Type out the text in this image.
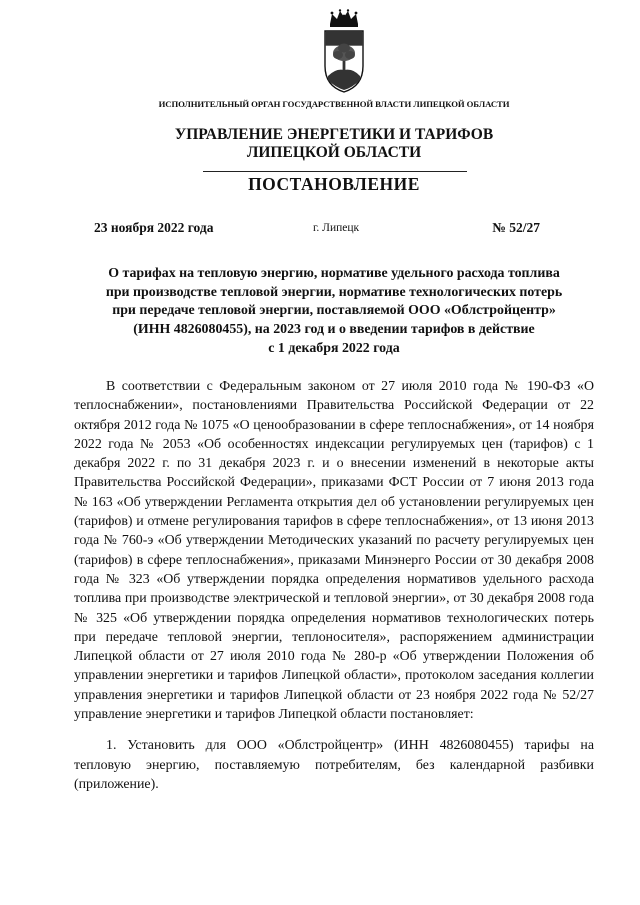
ИСПОЛНИТЕЛЬНЫЙ ОРГАН ГОСУДАРСТВЕННОЙ ВЛАСТИ ЛИПЕЦКОЙ ОБЛАСТИ
УПРАВЛЕНИЕ ЭНЕРГЕТИКИ И ТАРИФОВ
ЛИПЕЦКОЙ ОБЛАСТИ
ПОСТАНОВЛЕНИЕ
23 ноября 2022 года	г. Липецк	№ 52/27
О тарифах на тепловую энергию, нормативе удельного расхода топлива
при производстве тепловой энергии, нормативе технологических потерь
при передаче тепловой энергии, поставляемой ООО «Облстройцентр»
(ИНН 4826080455), на 2023 год и о введении тарифов в действие
с 1 декабря 2022 года

В соответствии с Федеральным законом от 27 июля 2010 года № 190-ФЗ «О теплоснабжении», постановлениями Правительства Российской Федерации от 22 октября 2012 года № 1075 «О ценообразовании в сфере теплоснабжения», от 14 ноября 2022 года № 2053 «Об особенностях индексации регулируемых цен (тарифов) с 1 декабря 2022 г. по 31 декабря 2023 г. и о внесении изменений в некоторые акты Правительства Российской Федерации», приказами ФСТ России от 7 июня 2013 года № 163 «Об утверждении Регламента открытия дел об установлении регулируемых цен (тарифов) и отмене регулирования тарифов в сфере теплоснабжения», от 13 июня 2013 года № 760-э «Об утверждении Методических указаний по расчету регулируемых цен (тарифов) в сфере теплоснабжения», приказами Минэнерго России от 30 декабря 2008 года № 323 «Об утверждении порядка определения нормативов удельного расхода топлива при производстве электрической и тепловой энергии», от 30 декабря 2008 года № 325 «Об утверждении порядка определения нормативов технологических потерь при передаче тепловой энергии, теплоносителя», распоряжением администрации Липецкой области от 27 июля 2010 года № 280-р «Об утверждении Положения об управлении энергетики и тарифов Липецкой области», протоколом заседания коллегии управления энергетики и тарифов Липецкой области от 23 ноября 2022 года № 52/27 управление энергетики и тарифов Липецкой области постановляет:

1. Установить для ООО «Облстройцентр» (ИНН 4826080455) тарифы на тепловую энергию, поставляемую потребителям, без календарной разбивки (приложение).
